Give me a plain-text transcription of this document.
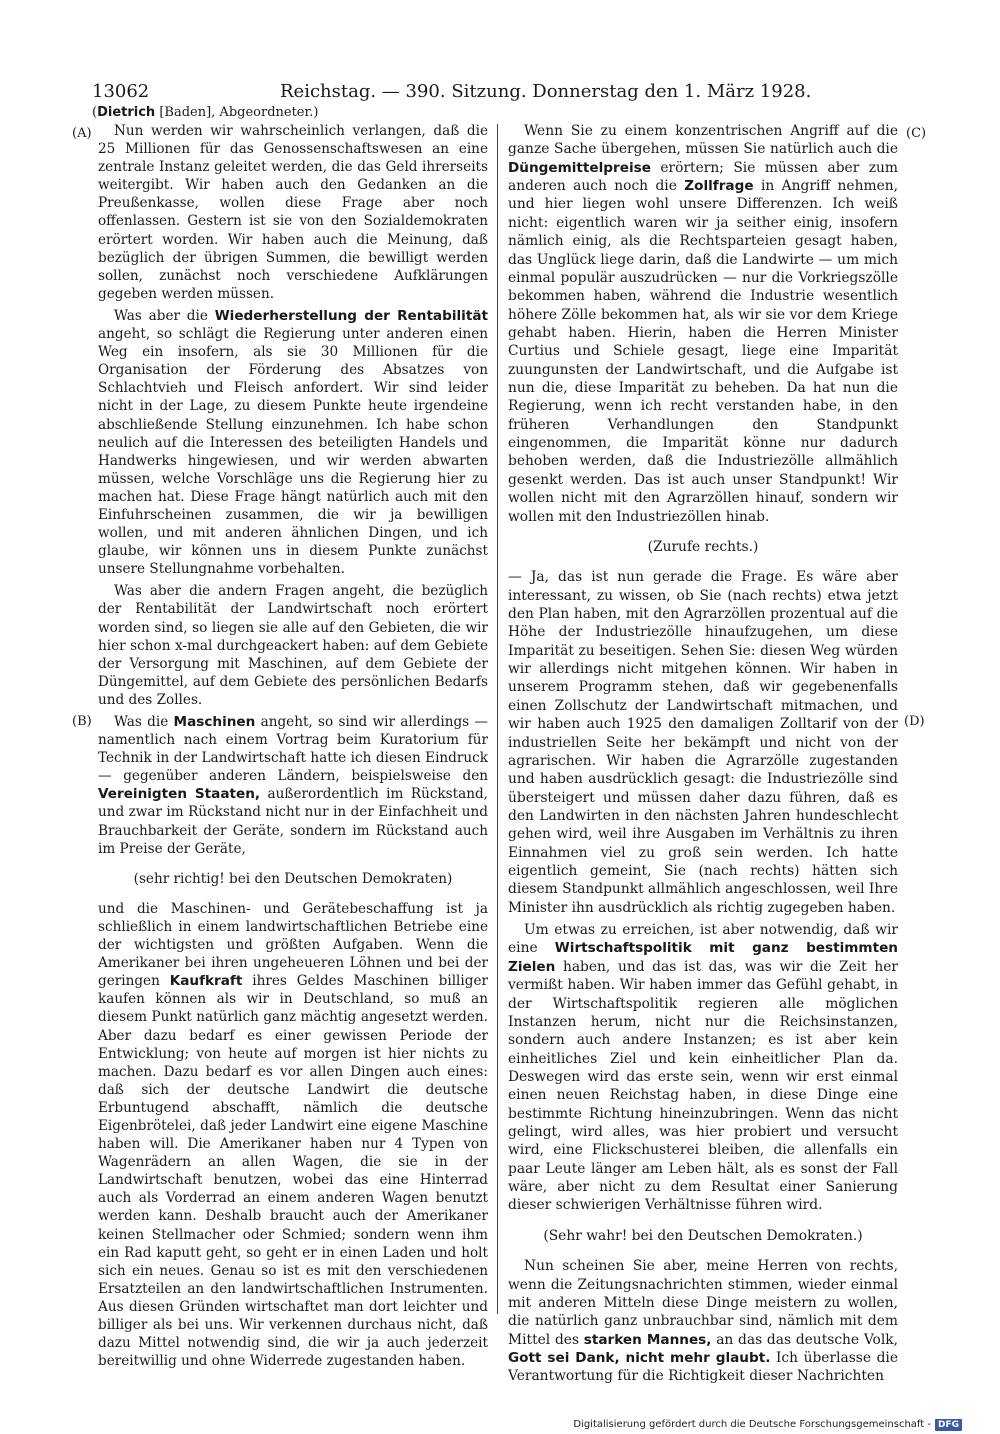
13062	Reichstag. — 390. Sitzung. Donnerstag den 1. März 1928.
(Dietrich [Baden], Abgeordneter.)
(A)
(B)
(C)
(D)

Nun werden wir wahrscheinlich verlangen, daß die 25 Millionen für das Genossenschaftswesen an eine zentrale Instanz geleitet werden, die das Geld ihrerseits weitergibt. Wir haben auch den Gedanken an die Preußenkasse, wollen diese Frage aber noch offenlassen. Gestern ist sie von den Sozialdemokraten erörtert worden. Wir haben auch die Meinung, daß bezüglich der übrigen Summen, die bewilligt werden sollen, zunächst noch verschiedene Aufklärungen gegeben werden müssen.

Was aber die Wiederherstellung der Rentabilität angeht, so schlägt die Regierung unter anderen einen Weg ein insofern, als sie 30 Millionen für die Organisation der Förderung des Absatzes von Schlachtvieh und Fleisch anfordert. Wir sind leider nicht in der Lage, zu diesem Punkte heute irgendeine abschließende Stellung einzunehmen. Ich habe schon neulich auf die Interessen des beteiligten Handels und Handwerks hingewiesen, und wir werden abwarten müssen, welche Vorschläge uns die Regierung hier zu machen hat. Diese Frage hängt natürlich auch mit den Einfuhrscheinen zusammen, die wir ja bewilligen wollen, und mit anderen ähnlichen Dingen, und ich glaube, wir können uns in diesem Punkte zunächst unsere Stellungnahme vorbehalten.

Was aber die andern Fragen angeht, die bezüglich der Rentabilität der Landwirtschaft noch erörtert worden sind, so liegen sie alle auf den Gebieten, die wir hier schon x-mal durchgeackert haben: auf dem Gebiete der Versorgung mit Maschinen, auf dem Gebiete der Düngemittel, auf dem Gebiete des persönlichen Bedarfs und des Zolles.

Was die Maschinen angeht, so sind wir allerdings — namentlich nach einem Vortrag beim Kuratorium für Technik in der Landwirtschaft hatte ich diesen Eindruck — gegenüber anderen Ländern, beispielsweise den Vereinigten Staaten, außerordentlich im Rückstand, und zwar im Rückstand nicht nur in der Einfachheit und Brauchbarkeit der Geräte, sondern im Rückstand auch im Preise der Geräte,

(sehr richtig! bei den Deutschen Demokraten)

und die Maschinen- und Gerätebeschaffung ist ja schließlich in einem landwirtschaftlichen Betriebe eine der wichtigsten und größten Aufgaben. Wenn die Amerikaner bei ihren ungeheueren Löhnen und bei der geringen Kaufkraft ihres Geldes Maschinen billiger kaufen können als wir in Deutschland, so muß an diesem Punkt natürlich ganz mächtig angesetzt werden. Aber dazu bedarf es einer gewissen Periode der Entwicklung; von heute auf morgen ist hier nichts zu machen. Dazu bedarf es vor allen Dingen auch eines: daß sich der deutsche Landwirt die deutsche Erbuntugend abschafft, nämlich die deutsche Eigenbrötelei, daß jeder Landwirt eine eigene Maschine haben will. Die Amerikaner haben nur 4 Typen von Wagenrädern an allen Wagen, die sie in der Landwirtschaft benutzen, wobei das eine Hinterrad auch als Vorderrad an einem anderen Wagen benutzt werden kann. Deshalb braucht auch der Amerikaner keinen Stellmacher oder Schmied; sondern wenn ihm ein Rad kaputt geht, so geht er in einen Laden und holt sich ein neues. Genau so ist es mit den verschiedenen Ersatzteilen an den landwirtschaftlichen Instrumenten. Aus diesen Gründen wirtschaftet man dort leichter und billiger als bei uns. Wir verkennen durchaus nicht, daß dazu Mittel notwendig sind, die wir ja auch jederzeit bereitwillig und ohne Widerrede zugestanden haben.

Wenn Sie zu einem konzentrischen Angriff auf die ganze Sache übergehen, müssen Sie natürlich auch die Düngemittelpreise erörtern; Sie müssen aber zum anderen auch noch die Zollfrage in Angriff nehmen, und hier liegen wohl unsere Differenzen. Ich weiß nicht: eigentlich waren wir ja seither einig, insofern nämlich einig, als die Rechtsparteien gesagt haben, das Unglück liege darin, daß die Landwirte — um mich einmal populär auszudrücken — nur die Vorkriegszölle bekommen haben, während die Industrie wesentlich höhere Zölle bekommen hat, als wir sie vor dem Kriege gehabt haben. Hierin, haben die Herren Minister Curtius und Schiele gesagt, liege eine Imparität zuungunsten der Landwirtschaft, und die Aufgabe ist nun die, diese Imparität zu beheben. Da hat nun die Regierung, wenn ich recht verstanden habe, in den früheren Verhandlungen den Standpunkt eingenommen, die Imparität könne nur dadurch behoben werden, daß die Industriezölle allmählich gesenkt werden. Das ist auch unser Standpunkt! Wir wollen nicht mit den Agrarzöllen hinauf, sondern wir wollen mit den Industriezöllen hinab.

(Zurufe rechts.)

— Ja, das ist nun gerade die Frage. Es wäre aber interessant, zu wissen, ob Sie (nach rechts) etwa jetzt den Plan haben, mit den Agrarzöllen prozentual auf die Höhe der Industriezölle hinaufzugehen, um diese Imparität zu beseitigen. Sehen Sie: diesen Weg würden wir allerdings nicht mitgehen können. Wir haben in unserem Programm stehen, daß wir gegebenenfalls einen Zollschutz der Landwirtschaft mitmachen, und wir haben auch 1925 den damaligen Zolltarif von der industriellen Seite her bekämpft und nicht von der agrarischen. Wir haben die Agrarzölle zugestanden und haben ausdrücklich gesagt: die Industriezölle sind übersteigert und müssen daher dazu führen, daß es den Landwirten in den nächsten Jahren hundeschlecht gehen wird, weil ihre Ausgaben im Verhältnis zu ihren Einnahmen viel zu groß sein werden. Ich hatte eigentlich gemeint, Sie (nach rechts) hätten sich diesem Standpunkt allmählich angeschlossen, weil Ihre Minister ihn ausdrücklich als richtig zugegeben haben.

Um etwas zu erreichen, ist aber notwendig, daß wir eine Wirtschaftspolitik mit ganz bestimmten Zielen haben, und das ist das, was wir die Zeit her vermißt haben. Wir haben immer das Gefühl gehabt, in der Wirtschaftspolitik regieren alle möglichen Instanzen herum, nicht nur die Reichsinstanzen, sondern auch andere Instanzen; es ist aber kein einheitliches Ziel und kein einheitlicher Plan da. Deswegen wird das erste sein, wenn wir erst einmal einen neuen Reichstag haben, in diese Dinge eine bestimmte Richtung hineinzubringen. Wenn das nicht gelingt, wird alles, was hier probiert und versucht wird, eine Flickschusterei bleiben, die allenfalls ein paar Leute länger am Leben hält, als es sonst der Fall wäre, aber nicht zu dem Resultat einer Sanierung dieser schwierigen Verhältnisse führen wird.

(Sehr wahr! bei den Deutschen Demokraten.)

Nun scheinen Sie aber, meine Herren von rechts, wenn die Zeitungsnachrichten stimmen, wieder einmal mit anderen Mitteln diese Dinge meistern zu wollen, die natürlich ganz unbrauchbar sind, nämlich mit dem Mittel des starken Mannes, an das das deutsche Volk, Gott sei Dank, nicht mehr glaubt. Ich überlasse die Verantwortung für die Richtigkeit dieser Nachrichten

Digitalisierung gefördert durch die Deutsche Forschungsgemeinschaft - DFG
